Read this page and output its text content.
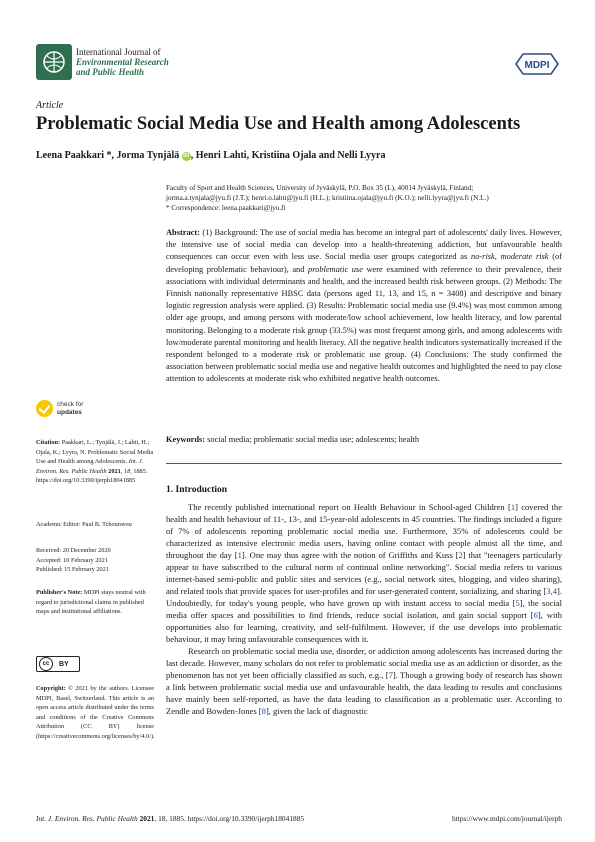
International Journal of
Environmental Research
and Public Health
MDPI
Article
Problematic Social Media Use and Health among Adolescents
Leena Paakkari *, Jorma Tynjälä iD , Henri Lahti, Kristiina Ojala and Nelli Lyyra
Faculty of Sport and Health Sciences, University of Jyväskylä, P.O. Box 35 (L), 40014 Jyväskylä, Finland;
jorma.a.tynjala@jyu.fi (J.T.); henri.o.lahti@jyu.fi (H.L.); kristiina.ojala@jyu.fi (K.O.); nelli.lyyra@jyu.fi (N.L.)
* Correspondence: leena.paakkari@jyu.fi
Abstract: (1) Background: The use of social media has become an integral part of adolescents' daily lives. However, the intensive use of social media can develop into a health-threatening addiction, but unfavourable health consequences can occur even with less use. Social media user groups categorized as no-risk, moderate risk (of developing problematic behaviour), and problematic use were examined with reference to their prevalence, their associations with individual determinants and health, and the increased health risk between groups. (2) Methods: The Finnish nationally representative HBSC data (persons aged 11, 13, and 15, n = 3408) and descriptive and binary logistic regression analysis were applied. (3) Results: Problematic social media use (9.4%) was most common among older age groups, and among persons with moderate/low school achievement, low health literacy, and low parental monitoring. Belonging to a moderate risk group (33.5%) was most frequent among girls, and among adolescents with low/moderate parental monitoring and health literacy. All the negative health indicators systematically increased if the respondent belonged to a moderate risk or problematic use group. (4) Conclusions: The study confirmed the association between problematic social media use and negative health outcomes and highlighted the need to pay close attention to adolescents at moderate risk who exhibited negative health outcomes.
Keywords: social media; problematic social media use; adolescents; health
1. Introduction

The recently published international report on Health Behaviour in School-aged Children [1] covered the health and health behaviour of 11-, 13-, and 15-year-old adolescents in 45 countries. The findings included a figure of 7% of adolescents reporting problematic social media use. Furthermore, 35% of adolescents could be characterized as intensive electronic media users, having online contact with people almost all the time, and throughout the day [1]. One may thus agree with the notion of Griffiths and Kuss [2] that "teenagers particularly appear to have subscribed to the cultural norm of continual online networking". Social media refers to various internet-based semi-public and public sites and services (e.g., social network sites, blogging, and video sharing), and related tools that provide spaces for user-profiles and for user-generated content, socializing, and sharing [3,4]. Undoubtedly, for today's young people, who have grown up with instant access to social media [5], the social media offer spaces and possibilities to find friends, reduce social isolation, and gain social support [6], with opportunities also for learning, creativity, and self-fulfilment. However, if the use develops into problematic behaviour, it may bring unfavourable consequences with it.

Research on problematic social media use, disorder, or addiction among adolescents has increased during the last decade. However, many scholars do not refer to problematic social media use as an addiction or disorder, as the phenomenon has not yet been officially classified as such, e.g., [7]. Though a growing body of research has shown a link between problematic social media use and unfavourable health, the data leading to results and conclusions have mainly been self-reported, as have the data leading to classification as a problematic user. According to Zendle and Bowden-Jones [8], given the lack of diagnostic

check for
updates
Citation: Paakkari, L.; Tynjälä, J.; Lahti, H.; Ojala, K.; Lyyra, N. Problematic Social Media Use and Health among Adolescents. Int. J. Environ. Res. Public Health 2021, 18, 1885. https://doi.org/10.3390/ijerph18041885
Academic Editor: Paul B. Tchounwou
Received: 20 December 2020
Accepted: 10 February 2021
Published: 15 February 2021
Publisher's Note: MDPI stays neutral with regard to jurisdictional claims in published maps and institutional affiliations.
cc	BY
Copyright: © 2021 by the authors. Licensee MDPI, Basel, Switzerland. This article is an open access article distributed under the terms and conditions of the Creative Commons Attribution (CC BY) license (https://creativecommons.org/licenses/by/4.0/).
Int. J. Environ. Res. Public Health 2021, 18, 1885. https://doi.org/10.3390/ijerph18041885	https://www.mdpi.com/journal/ijerph
